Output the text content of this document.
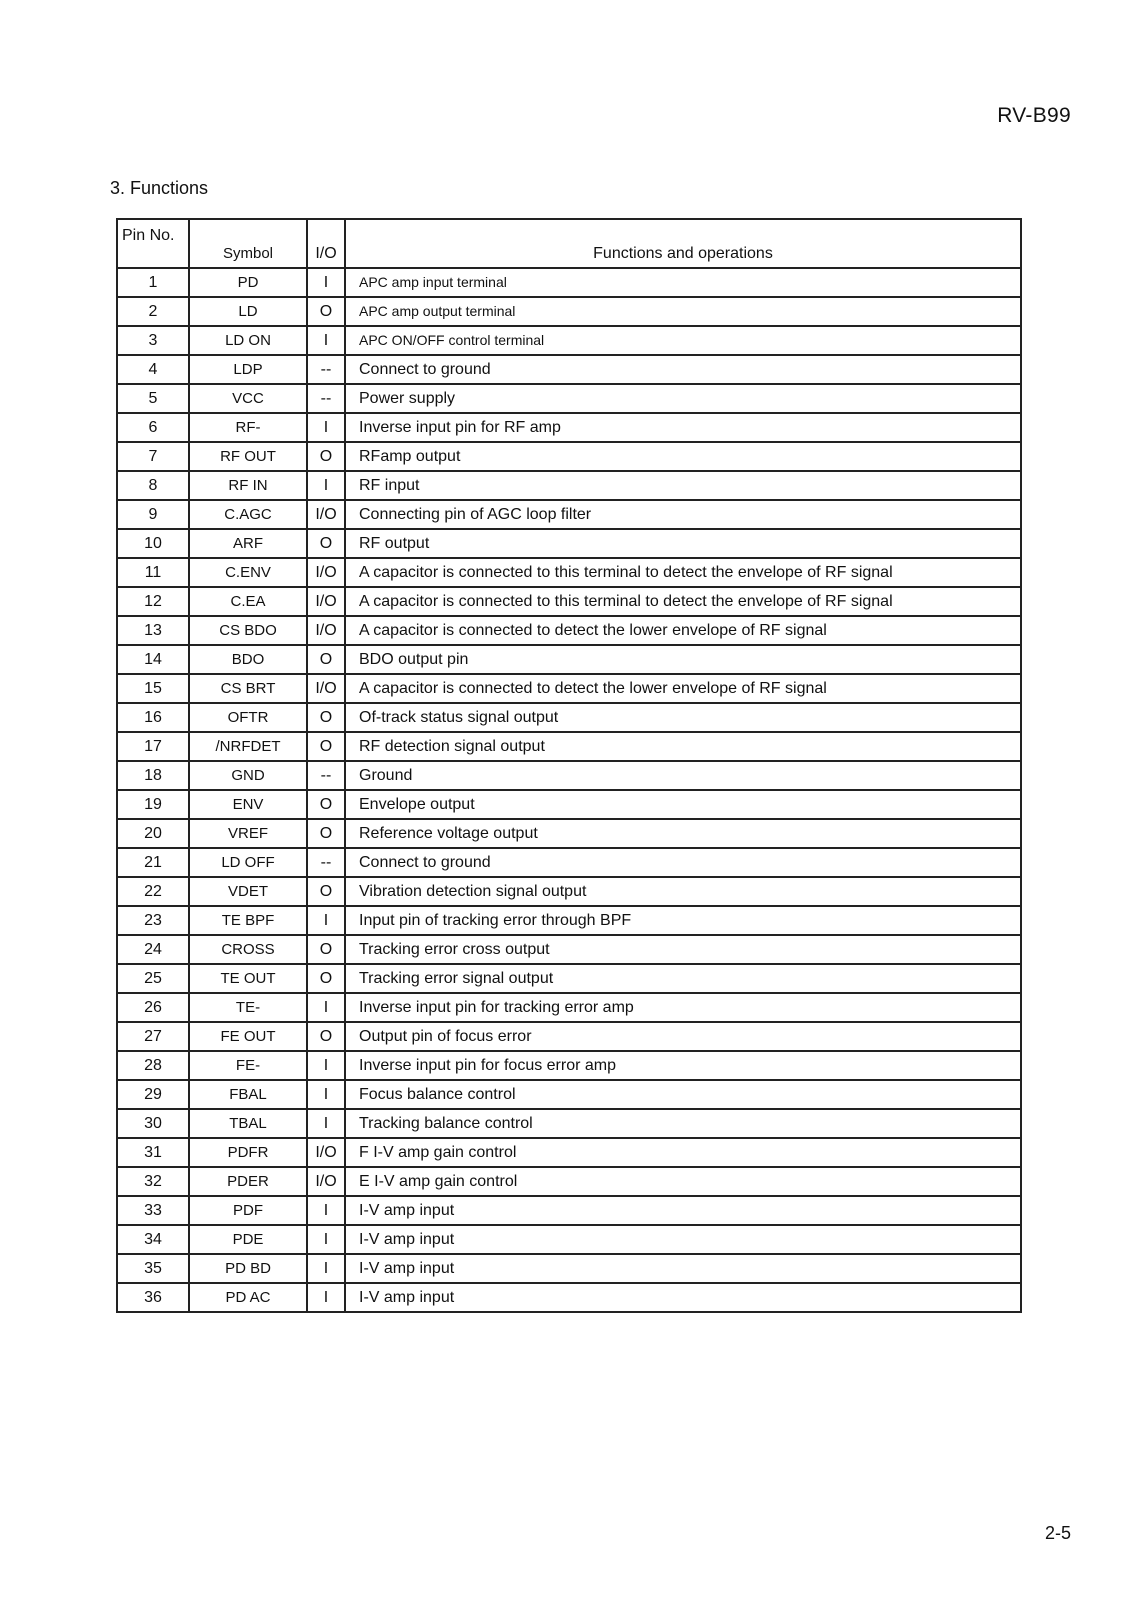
RV-B99
3. Functions
Pin No.	Symbol	I/O	Functions and operations
1	PD	I	APC amp input terminal
2	LD	O	APC amp output terminal
3	LD ON	I	APC ON/OFF control terminal
4	LDP	--	Connect to ground
5	VCC	--	Power supply
6	RF-	I	Inverse input pin for RF amp
7	RF OUT	O	RFamp output
8	RF IN	I	RF input
9	C.AGC	I/O	Connecting pin of AGC loop filter
10	ARF	O	RF output
11	C.ENV	I/O	A capacitor is connected to this terminal to detect the envelope of RF signal
12	C.EA	I/O	A capacitor is connected to this terminal to detect the envelope of RF signal
13	CS BDO	I/O	A capacitor is connected to detect the lower envelope of RF signal
14	BDO	O	BDO output pin
15	CS BRT	I/O	A capacitor is connected to detect the lower envelope of RF signal
16	OFTR	O	Of-track status signal output
17	/NRFDET	O	RF detection signal output
18	GND	--	Ground
19	ENV	O	Envelope output
20	VREF	O	Reference voltage output
21	LD OFF	--	Connect to ground
22	VDET	O	Vibration detection signal output
23	TE BPF	I	Input pin of tracking error through BPF
24	CROSS	O	Tracking error cross output
25	TE OUT	O	Tracking error signal output
26	TE-	I	Inverse input pin for tracking error amp
27	FE OUT	O	Output pin of focus error
28	FE-	I	Inverse input pin for focus error amp
29	FBAL	I	Focus balance control
30	TBAL	I	Tracking balance control
31	PDFR	I/O	F I-V amp gain control
32	PDER	I/O	E I-V amp gain control
33	PDF	I	I-V amp input
34	PDE	I	I-V amp input
35	PD BD	I	I-V amp input
36	PD AC	I	I-V amp input
2-5
